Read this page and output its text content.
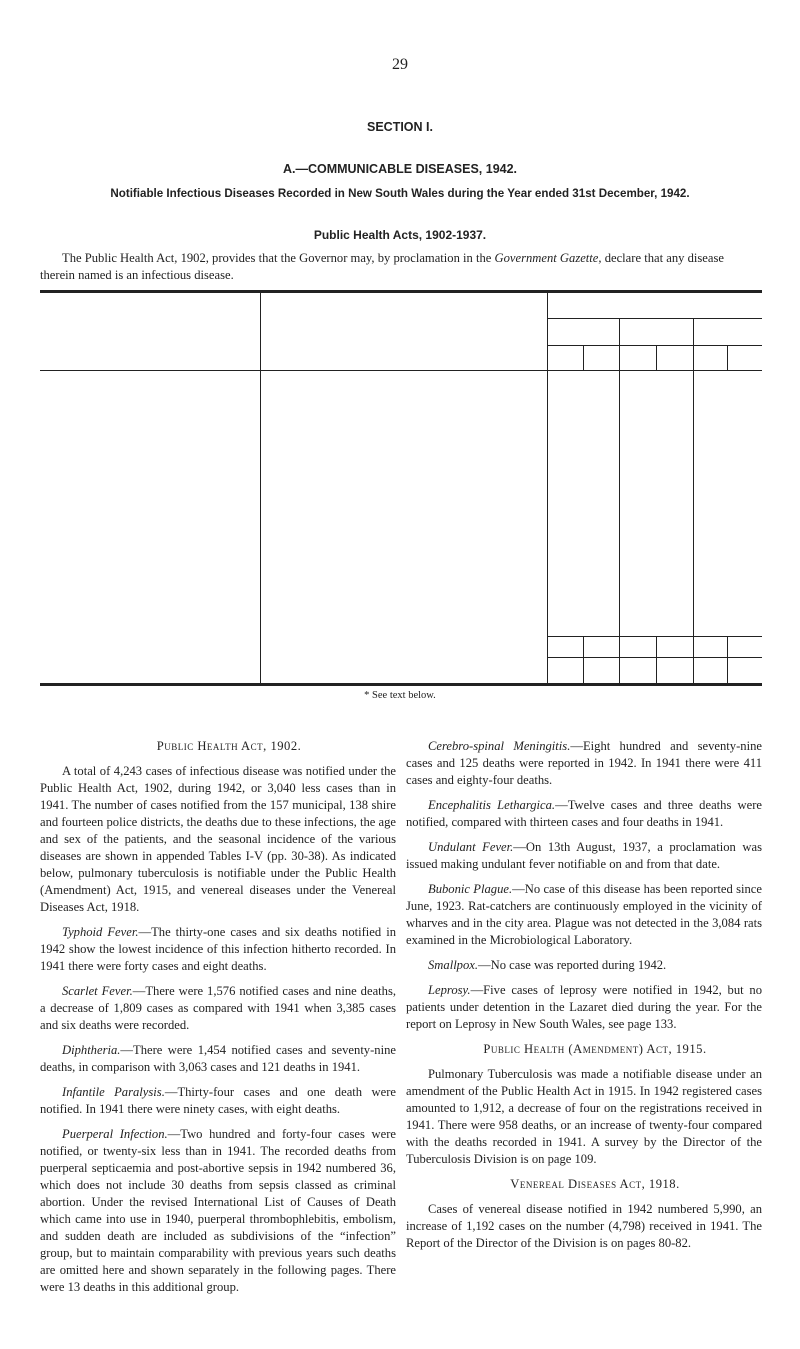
29
SECTION I.
A.—COMMUNICABLE DISEASES, 1942.
Notifiable Infectious Diseases Recorded in New South Wales during the Year ended 31st December, 1942.
Public Health Acts, 1902-1937.

The Public Health Act, 1902, provides that the Governor may, by proclamation in the Government Gazette, declare that any disease therein named is an infectious disease.

* See text below.

Public Health Act, 1902.

A total of 4,243 cases of infectious disease was notified under the Public Health Act, 1902, during 1942, or 3,040 less cases than in 1941. The number of cases notified from the 157 municipal, 138 shire and fourteen police districts, the deaths due to these infections, the age and sex of the patients, and the seasonal incidence of the various diseases are shown in appended Tables I-V (pp. 30-38). As indicated below, pulmonary tuberculosis is notifiable under the Public Health (Amendment) Act, 1915, and venereal diseases under the Venereal Diseases Act, 1918.

Typhoid Fever.—The thirty-one cases and six deaths notified in 1942 show the lowest incidence of this infection hitherto recorded. In 1941 there were forty cases and eight deaths.

Scarlet Fever.—There were 1,576 notified cases and nine deaths, a decrease of 1,809 cases as compared with 1941 when 3,385 cases and six deaths were recorded.

Diphtheria.—There were 1,454 notified cases and seventy-nine deaths, in comparison with 3,063 cases and 121 deaths in 1941.

Infantile Paralysis.—Thirty-four cases and one death were notified. In 1941 there were ninety cases, with eight deaths.

Puerperal Infection.—Two hundred and forty-four cases were notified, or twenty-six less than in 1941. The recorded deaths from puerperal septicaemia and post-abortive sepsis in 1942 numbered 36, which does not include 30 deaths from sepsis classed as criminal abortion. Under the revised International List of Causes of Death which came into use in 1940, puerperal thrombophlebitis, embolism, and sudden death are included as subdivisions of the “infection” group, but to maintain comparability with previous years such deaths are omitted here and shown separately in the following pages. There were 13 deaths in this additional group.

Cerebro-spinal Meningitis.—Eight hundred and seventy-nine cases and 125 deaths were reported in 1942. In 1941 there were 411 cases and eighty-four deaths.

Encephalitis Lethargica.—Twelve cases and three deaths were notified, compared with thirteen cases and four deaths in 1941.

Undulant Fever.—On 13th August, 1937, a proclamation was issued making undulant fever notifiable on and from that date.

Bubonic Plague.—No case of this disease has been reported since June, 1923. Rat-catchers are continuously employed in the vicinity of wharves and in the city area. Plague was not detected in the 3,084 rats examined in the Microbiological Laboratory.

Smallpox.—No case was reported during 1942.

Leprosy.—Five cases of leprosy were notified in 1942, but no patients under detention in the Lazaret died during the year. For the report on Leprosy in New South Wales, see page 133.

Public Health (Amendment) Act, 1915.

Pulmonary Tuberculosis was made a notifiable disease under an amendment of the Public Health Act in 1915. In 1942 registered cases amounted to 1,912, a decrease of four on the registrations received in 1941. There were 958 deaths, or an increase of twenty-four compared with the deaths recorded in 1941. A survey by the Director of the Tuberculosis Division is on page 109.

Venereal Diseases Act, 1918.

Cases of venereal disease notified in 1942 numbered 5,990, an increase of 1,192 cases on the number (4,798) received in 1941. The Report of the Director of the Division is on pages 80-82.
